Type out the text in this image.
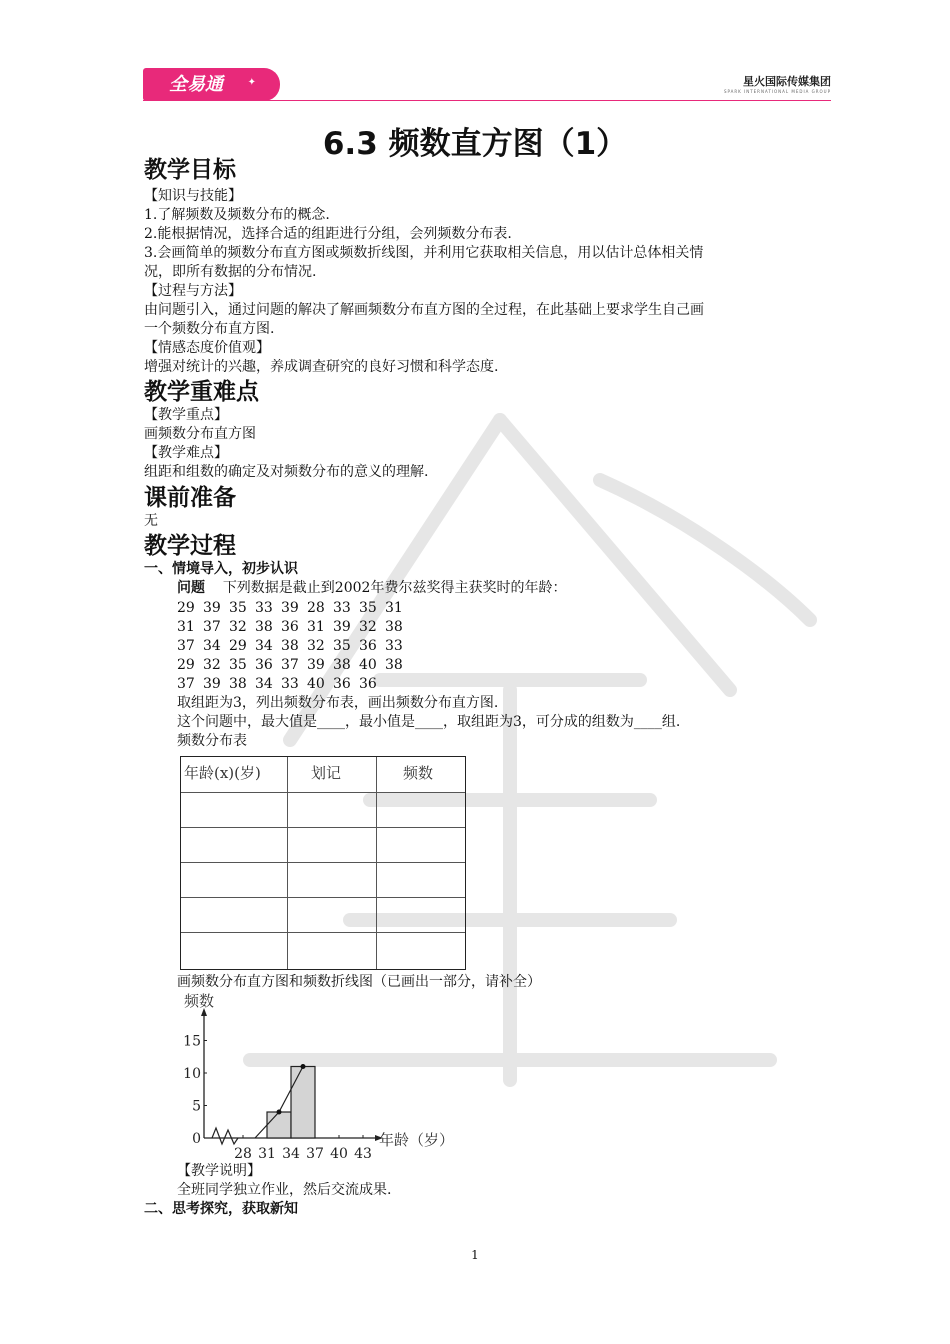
全易通	✦	星火国际传媒集团
SPARK INTERNATIONAL MEDIA GROUP
6.3 频数直方图（1）
教学目标
【知识与技能】
1.了解频数及频数分布的概念.
2.能根据情况，选择合适的组距进行分组，会列频数分布表.
3.会画简单的频数分布直方图或频数折线图，并利用它获取相关信息，用以估计总体相关情
况，即所有数据的分布情况.
【过程与方法】
由问题引入，通过问题的解决了解画频数分布直方图的全过程，在此基础上要求学生自己画
一个频数分布直方图.
【情感态度价值观】
增强对统计的兴趣，养成调查研究的良好习惯和科学态度.
教学重难点
【教学重点】
画频数分布直方图
【教学难点】
组距和组数的确定及对频数分布的意义的理解.
课前准备
无
教学过程
一、情境导入，初步认识
问题 下列数据是截止到2002年费尔兹奖得主获奖时的年龄：
29 39 35 33 39 28 33 35 31
31 37 32 38 36 31 39 32 38
37 34 29 34 38 32 35 36 33
29 32 35 36 37 39 38 40 38
37 39 38 34 33 40 36 36
取组距为3，列出频数分布表，画出频数分布直方图.
这个问题中，最大值是____，最小值是____，取组距为3，可分成的组数为____组.
频数分布表
年龄(x)(岁)	划记	频数
画频数分布直方图和频数折线图（已画出一部分，请补全）
频数
年龄（岁）
28 31 34 37 40 43
0
5
10
15
【教学说明】
全班同学独立作业，然后交流成果.
二、思考探究，获取新知
1
